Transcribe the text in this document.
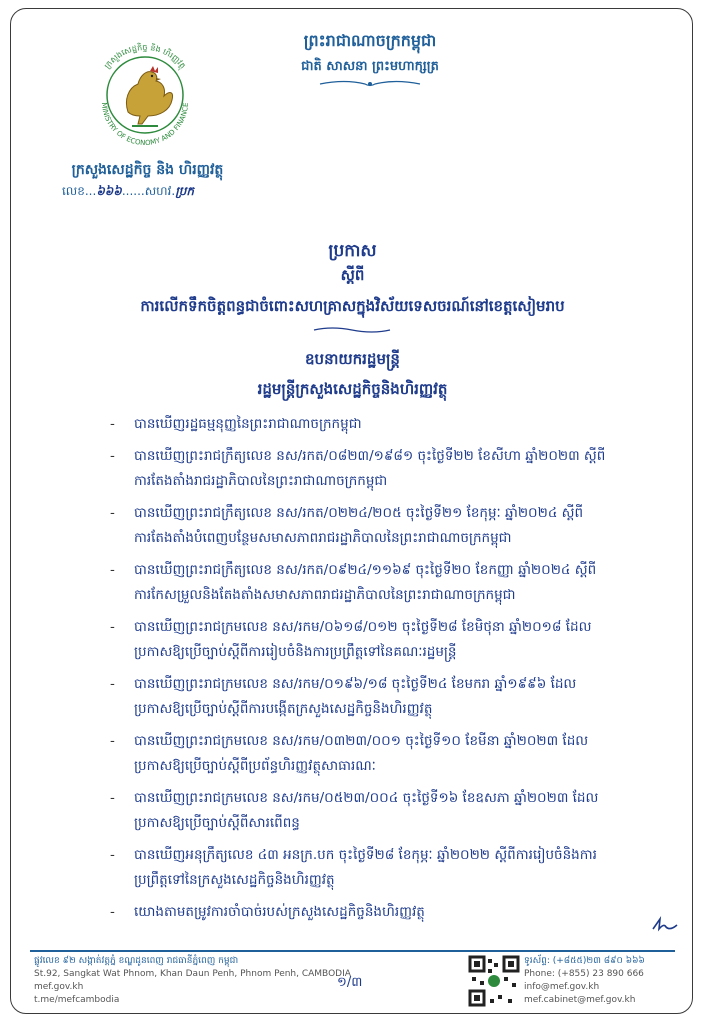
ក្រសួងសេដ្ឋកិច្ច និង ហិរញ្ញវត្ថុ
MINISTRY OF ECONOMY AND FINANCE
ក្រសួងសេដ្ឋកិច្ច និង ហិរញ្ញវត្ថុ
លេខ...៦៦៦......សហវ.ប្រក
ព្រះរាជាណាចក្រកម្ពុជា
ជាតិ សាសនា ព្រះមហាក្សត្រ
ប្រកាស
ស្តីពី
ការលើកទឹកចិត្តពន្ធជាចំពោះសហគ្រាសក្នុងវិស័យទេសចរណ៍នៅខេត្តសៀមរាប
ឧបនាយករដ្ឋមន្ត្រី
រដ្ឋមន្ត្រីក្រសួងសេដ្ឋកិច្ចនិងហិរញ្ញវត្ថុ
- បានឃើញរដ្ឋធម្មនុញ្ញនៃព្រះរាជាណាចក្រកម្ពុជា
- បានឃើញព្រះរាជក្រឹត្យលេខ នស/រកត/០៨២៣/១៩៨១ ចុះថ្ងៃទី២២ ខែសីហា ឆ្នាំ២០២៣ ស្តីពី
ការតែងតាំងរាជរដ្ឋាភិបាលនៃព្រះរាជាណាចក្រកម្ពុជា
- បានឃើញព្រះរាជក្រឹត្យលេខ នស/រកត/០២២៤/២០៥ ចុះថ្ងៃទី២១ ខែកុម្ភៈ ឆ្នាំ២០២៤ ស្តីពី
ការតែងតាំងបំពេញបន្ថែមសមាសភាពរាជរដ្ឋាភិបាលនៃព្រះរាជាណាចក្រកម្ពុជា
- បានឃើញព្រះរាជក្រឹត្យលេខ នស/រកត/០៩២៤/១១៦៩ ចុះថ្ងៃទី២០ ខែកញ្ញា ឆ្នាំ២០២៤ ស្តីពី
ការកែសម្រួលនិងតែងតាំងសមាសភាពរាជរដ្ឋាភិបាលនៃព្រះរាជាណាចក្រកម្ពុជា
- បានឃើញព្រះរាជក្រមលេខ នស/រកម/០៦១៨/០១២ ចុះថ្ងៃទី២៨ ខែមិថុនា ឆ្នាំ២០១៨ ដែល
ប្រកាសឱ្យប្រើច្បាប់ស្តីពីការរៀបចំនិងការប្រព្រឹត្តទៅនៃគណៈរដ្ឋមន្ត្រី
- បានឃើញព្រះរាជក្រមលេខ នស/រកម/០១៩៦/១៨ ចុះថ្ងៃទី២៤ ខែមករា ឆ្នាំ១៩៩៦ ដែល
ប្រកាសឱ្យប្រើច្បាប់ស្តីពីការបង្កើតក្រសួងសេដ្ឋកិច្ចនិងហិរញ្ញវត្ថុ
- បានឃើញព្រះរាជក្រមលេខ នស/រកម/០៣២៣/០០១ ចុះថ្ងៃទី១០ ខែមីនា ឆ្នាំ២០២៣ ដែល
ប្រកាសឱ្យប្រើច្បាប់ស្តីពីប្រព័ន្ធហិរញ្ញវត្ថុសាធារណៈ
- បានឃើញព្រះរាជក្រមលេខ នស/រកម/០៥២៣/០០៤ ចុះថ្ងៃទី១៦ ខែឧសភា ឆ្នាំ២០២៣ ដែល
ប្រកាសឱ្យប្រើច្បាប់ស្តីពីសារពើពន្ធ
- បានឃើញអនុក្រឹត្យលេខ ៤៣ អនក្រ.បក ចុះថ្ងៃទី២៨ ខែកុម្ភៈ ឆ្នាំ២០២២ ស្តីពីការរៀបចំនិងការ
ប្រព្រឹត្តទៅនៃក្រសួងសេដ្ឋកិច្ចនិងហិរញ្ញវត្ថុ
- យោងតាមតម្រូវការចាំបាច់របស់ក្រសួងសេដ្ឋកិច្ចនិងហិរញ្ញវត្ថុ
ផ្លូវលេខ ៩២ សង្កាត់វត្តភ្នំ ខណ្ឌដូនពេញ រាជធានីភ្នំពេញ កម្ពុជា
St.92, Sangkat Wat Phnom, Khan Daun Penh, Phnom Penh, CAMBODIA
mef.gov.kh
t.me/mefcambodia
១/៣
ទូរស័ព្ទ: (+៨៥៥)២៣ ៨៩០ ៦៦៦
Phone: (+855) 23 890 666
info@mef.gov.kh
mef.cabinet@mef.gov.kh
